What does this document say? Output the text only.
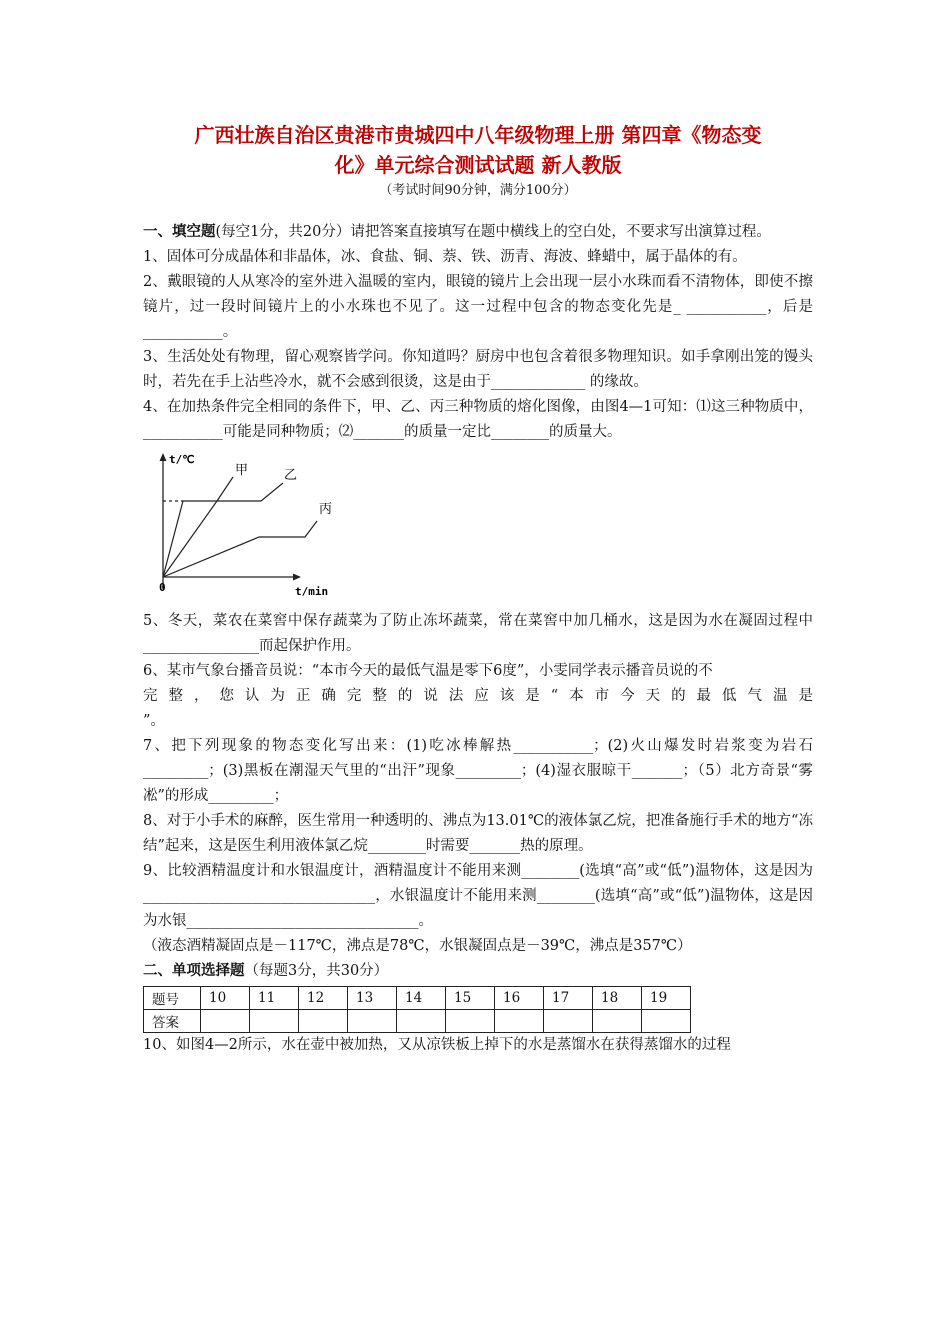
广西壮族自治区贵港市贵城四中八年级物理上册 第四章《物态变
化》单元综合测试试题 新人教版
（考试时间90分钟，满分100分）
一、填空题(每空1分，共20分）请把答案直接填写在题中横线上的空白处，不要求写出演算过程。
1、固体可分成晶体和非晶体，冰、食盐、铜、萘、铁、沥青、海波、蜂蜡中，属于晶体的有。
2、戴眼镜的人从寒冷的室外进入温暖的室内，眼镜的镜片上会出现一层小水珠而看不清物体，即使不擦镜片，过一段时间镜片上的小水珠也不见了。这一过程中包含的物态变化先是_ ___________，后是___________。
3、生活处处有物理，留心观察皆学问。你知道吗？厨房中也包含着很多物理知识。如手拿刚出笼的馒头时，若先在手上沾些冷水，就不会感到很烫，这是由于_____________ 的缘故。
4、在加热条件完全相同的条件下，甲、乙、丙三种物质的熔化图像，由图4—1可知：⑴这三种物质中，___________可能是同种物质；⑵_______的质量一定比________的质量大。
t/℃
t/min
0
甲	乙
丙
5、冬天，菜农在菜窖中保存蔬菜为了防止冻坏蔬菜，常在菜窖中加几桶水，这是因为水在凝固过程中________________而起保护作用。
6、某市气象台播音员说：“本市今天的最低气温是零下6度”，小雯同学表示播音员说的不
完整，您认为正确完整的说法应该是“本市今天的最低气温是
”。
7、把下列现象的物态变化写出来：(1)吃冰棒解热___________；(2)火山爆发时岩浆变为岩石_________；(3)黑板在潮湿天气里的“出汗”现象_________；(4)湿衣服晾干_______；（5）北方奇景“雾凇”的形成_________；
8、对于小手术的麻醉，医生常用一种透明的、沸点为13.01℃的液体氯乙烷，把准备施行手术的地方“冻结”起来，这是医生利用液体氯乙烷________时需要_______热的原理。
9、比较酒精温度计和水银温度计，酒精温度计不能用来测________(选填“高”或“低”)温物体，这是因为________________________________，水银温度计不能用来测________(选填“高”或“低”)温物体，这是因为水银________________________________。
（液态酒精凝固点是－117℃，沸点是78℃，水银凝固点是－39℃，沸点是357℃）
二、单项选择题（每题3分，共30分）
题号	10	11	12	13	14	15	16	17	18	19
答案										
10、如图4—2所示，水在壶中被加热，又从凉铁板上掉下的水是蒸馏水在获得蒸馏水的过程
